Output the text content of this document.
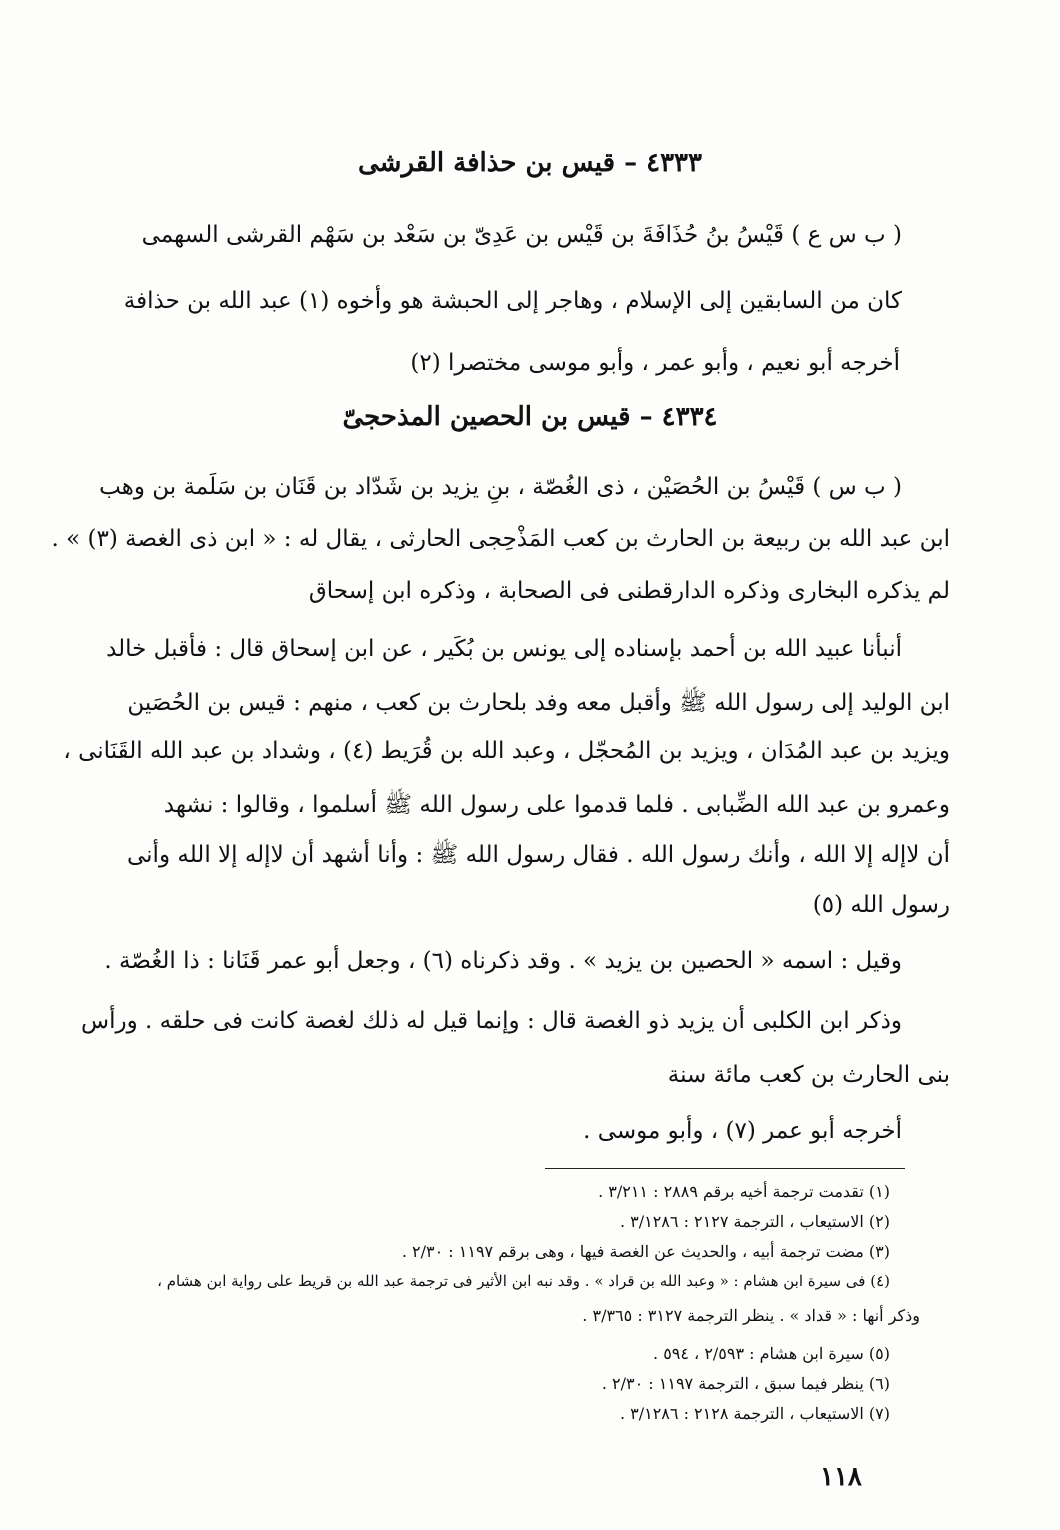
٤٣٣٣ – قيس بن حذافة القرشى
( ب س ع ) قَيْسُ بنُ حُذَافَةَ بن قَيْس بن عَدِىّ بن سَعْد بن سَهْم القرشى السهمى
كان من السابقين إلى الإسلام ، وهاجر إلى الحبشة هو وأخوه (١) عبد الله بن حذافة
أخرجه أبو نعيم ، وأبو عمر ، وأبو موسى مختصرا (٢)
٤٣٣٤ – قيس بن الحصين المذحجىّ
( ب س ) قَيْسُ بن الحُصَيْن ، ذى الغُصّة ، بنِ يزيد بن شَدّاد بن قَنَان بن سَلَمة بن وهب
ابن عبد الله بن ربيعة بن الحارث بن كعب المَذْحِجى الحارثى ، يقال له : « ابن ذى الغصة (٣) » .
لم يذكره البخارى وذكره الدارقطنى فى الصحابة ، وذكره ابن إسحاق
أنبأنا عبيد الله بن أحمد بإسناده إلى يونس بن بُكَير ، عن ابن إسحاق قال : فأقبل خالد
ابن الوليد إلى رسول الله ﷺ وأقبل معه وفد بلحارث بن كعب ، منهم : قيس بن الحُصَين
ويزيد بن عبد المُدَان ، ويزيد بن المُحجّل ، وعبد الله بن قُرَيط (٤) ، وشداد بن عبد الله القَنَانى ،
وعمرو بن عبد الله الضِّبابى . فلما قدموا على رسول الله ﷺ أسلموا ، وقالوا : نشهد
أن لاإله إلا الله ، وأنك رسول الله . فقال رسول الله ﷺ : وأنا أشهد أن لاإله إلا الله وأنى
رسول الله (٥)
وقيل : اسمه « الحصين بن يزيد » . وقد ذكرناه (٦) ، وجعل أبو عمر قَنَانا : ذا الغُصّة .
وذكر ابن الكلبى أن يزيد ذو الغصة قال : وإنما قيل له ذلك لغصة كانت فى حلقه . ورأس
بنى الحارث بن كعب مائة سنة
أخرجه أبو عمر (٧) ، وأبو موسى .
(١) تقدمت ترجمة أخيه برقم ٢٨٨٩ : ٣/٢١١ .
(٢) الاستيعاب ، الترجمة ٢١٢٧ : ٣/١٢٨٦ .
(٣) مضت ترجمة أبيه ، والحديث عن الغصة فيها ، وهى برقم ١١٩٧ : ٢/٣٠ .
(٤) فى سيرة ابن هشام : « وعبد الله بن قراد » . وقد نبه ابن الأثير فى ترجمة عبد الله بن قريط على رواية ابن هشام ،
وذكر أنها : « قداد » . ينظر الترجمة ٣١٢٧ : ٣/٣٦٥ .
(٥) سيرة ابن هشام : ٢/٥٩٣ ، ٥٩٤ .
(٦) ينظر فيما سبق ، الترجمة ١١٩٧ : ٢/٣٠ .
(٧) الاستيعاب ، الترجمة ٢١٢٨ : ٣/١٢٨٦ .
١١٨
